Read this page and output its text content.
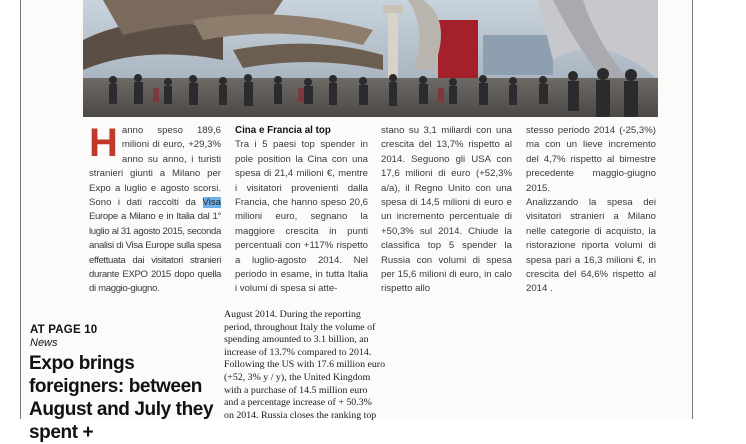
H anno speso 189,6 milioni di euro, +29,3% anno su anno, i turisti stranieri giunti a Milano per Expo a luglio e agosto scorsi. Sono i dati raccolti da Visa Europe a Milano e in Italia dal 1° luglio al 31 agosto 2015, seconda analisi di Visa Europe sulla spesa effettuata dai visitatori stranieri durante EXPO 2015 dopo quella di maggio-giugno.
Cina e Francia al top
Tra i 5 paesi top spender in pole position la Cina con una spesa di 21,4 milioni €, mentre i visitatori provenienti dalla Francia, che hanno speso 20,6 milioni euro, segnano la maggiore crescita in punti percentuali con +117% rispetto a luglio-agosto 2014. Nel periodo in esame, in tutta Italia i volumi di spesa si atte-
stano su 3,1 miliardi con una crescita del 13,7% rispetto al 2014. Seguono gli USA con 17,6 milioni di euro (+52,3% a/a), il Regno Unito con una spesa di 14,5 milioni di euro e un incremento percentuale di +50,3% sul 2014. Chiude la classifica top 5 spender la Russia con volumi di spesa per 15,6 milioni di euro, in calo rispetto allo
stesso periodo 2014 (-25,3%) ma con un lieve incremento del 4,7% rispetto al bimestre precedente maggio-giugno 2015.
Analizzando la spesa dei visitatori stranieri a Milano nelle categorie di acquisto, la ristorazione riporta volumi di spesa pari a 16,3 milioni €, in crescita del 64,6% rispetto al 2014 .
AT PAGE 10
News
Expo brings foreigners: between August and July they spent +

August 2014. During the reporting

period, throughout Italy the volume of

spending amounted to 3.1 billion, an

increase of 13.7% compared to 2014.

Following the US with 17.6 million euro

(+52, 3% y / y), the United Kingdom

with a purchase of 14.5 million euro

and a percentage increase of + 50.3%

on 2014. Russia closes the ranking top
